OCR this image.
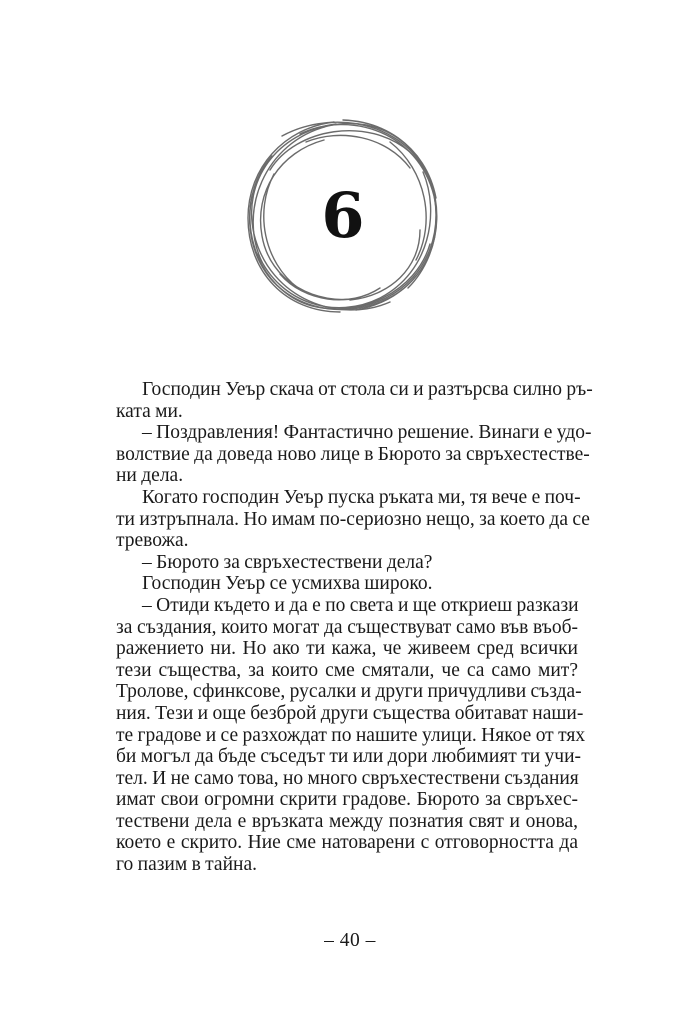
6
Господин Уеър скача от стола си и разтърсва силно ръ-
ката ми.
– Поздравления! Фантастично решение. Винаги е удо-
волствие да доведа ново лице в Бюрото за свръхестестве-
ни дела.
Когато господин Уеър пуска ръката ми, тя вече е поч-
ти изтръпнала. Но имам по-сериозно нещо, за което да се
тревожа.
– Бюрото за свръхестествени дела?
Господин Уеър се усмихва широко.
– Отиди където и да е по света и ще откриеш разкази
за създания, които могат да съществуват само във въоб-
ражението ни. Но ако ти кажа, че живеем сред всички
тези същества, за които сме смятали, че са само мит?
Тролове, сфинксове, русалки и други причудливи създа-
ния. Тези и още безброй други същества обитават наши-
те градове и се разхождат по нашите улици. Някое от тях
би могъл да бъде съседът ти или дори любимият ти учи-
тел. И не само това, но много свръхестествени създания
имат свои огромни скрити градове. Бюрото за свръхес-
тествени дела е връзката между познатия свят и онова,
което е скрито. Ние сме натоварени с отговорността да
го пазим в тайна.
– 40 –
